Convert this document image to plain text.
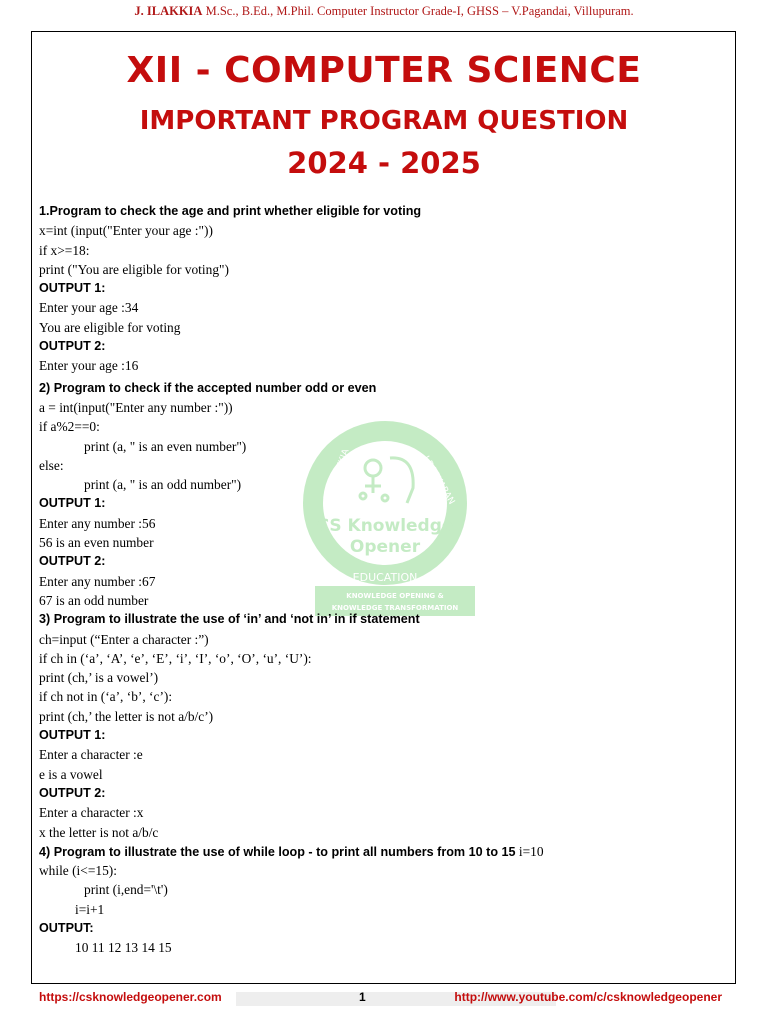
J. ILAKKIA M.Sc., B.Ed., M.Phil. Computer Instructor Grade-I, GHSS – V.Pagandai, Villupuram.
XII - COMPUTER SCIENCE
IMPORTANT PROGRAM QUESTION
2024 - 2025
J.ILAKKIA	J.BASKARAN
CS Knowledge
Opener
EDUCATION
KNOWLEDGE OPENING &
KNOWLEDGE TRANSFORMATION
1.Program to check the age and print whether eligible for voting
x=int (input("Enter your age :"))
if x>=18:
print ("You are eligible for voting")
OUTPUT 1:
Enter your age :34
You are eligible for voting
OUTPUT 2:
Enter your age :16
2) Program to check if the accepted number odd or even
a = int(input("Enter any number :"))
if a%2==0:
print (a, " is an even number")
else:
print (a, " is an odd number")
OUTPUT 1:
Enter any number :56
56 is an even number
OUTPUT 2:
Enter any number :67
67 is an odd number
3) Program to illustrate the use of ‘in’ and ‘not in’ in if statement
ch=input (“Enter a character :”)
if ch in (‘a’, ‘A’, ‘e’, ‘E’, ‘i’, ‘I’, ‘o’, ‘O’, ‘u’, ‘U’):
print (ch,’ is a vowel’)
if ch not in (‘a’, ‘b’, ‘c’):
print (ch,’ the letter is not a/b/c’)
OUTPUT 1:
Enter a character :e
e is a vowel
OUTPUT 2:
Enter a character :x
x the letter is not a/b/c
4) Program to illustrate the use of while loop - to print all numbers from 10 to 15 i=10
while (i<=15):
print (i,end='\t')
i=i+1
OUTPUT:
10 11 12 13 14 15
https://csknowledgeopener.com	1	http://www.youtube.com/c/csknowledgeopener
